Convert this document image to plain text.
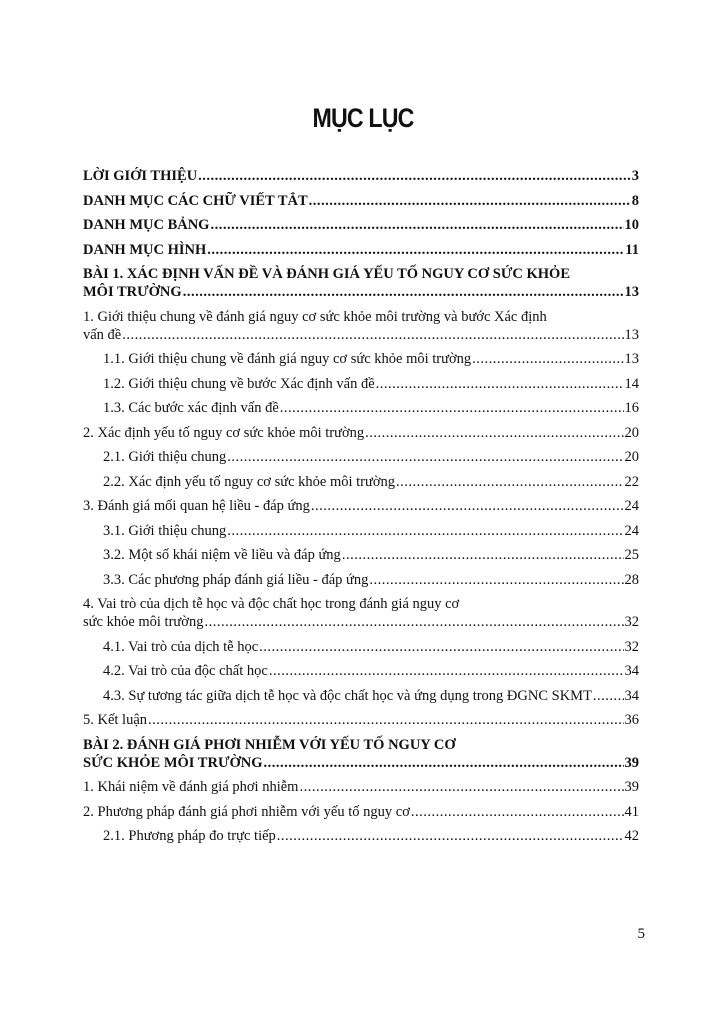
MỤC LỤC
LỜI GIỚI THIỆU .....	3
DANH MỤC CÁC CHỮ VIẾT TẮT .....	8
DANH MỤC BẢNG .....	10
DANH MỤC HÌNH .....	11
BÀI 1. XÁC ĐỊNH VẤN ĐỀ VÀ ĐÁNH GIÁ YẾU TỐ NGUY CƠ SỨC KHỎE
MÔI TRƯỜNG .....	13
1. Giới thiệu chung về đánh giá nguy cơ sức khỏe môi trường và bước Xác định
vấn đề .....	13
1.1. Giới thiệu chung về đánh giá nguy cơ sức khỏe môi trường .....	13
1.2. Giới thiệu chung về bước Xác định vấn đề .....	14
1.3. Các bước xác định vấn đề .....	16
2. Xác định yếu tố nguy cơ sức khỏe môi trường .....	20
2.1. Giới thiệu chung .....	20
2.2. Xác định yếu tố nguy cơ sức khỏe môi trường .....	22
3. Đánh giá mối quan hệ liều - đáp ứng .....	24
3.1. Giới thiệu chung .....	24
3.2. Một số khái niệm về liều và đáp ứng .....	25
3.3. Các phương pháp đánh giá liều - đáp ứng .....	28
4. Vai trò của dịch tễ học và độc chất học trong đánh giá nguy cơ
sức khỏe môi trường .....	32
4.1. Vai trò của dịch tễ học .....	32
4.2. Vai trò của độc chất học .....	34
4.3. Sự tương tác giữa dịch tễ học và độc chất học và ứng dụng trong ĐGNC SKMT ..... 34
5. Kết luận .....	36
BÀI 2. ĐÁNH GIÁ PHƠI NHIỄM VỚI YẾU TỐ NGUY CƠ
SỨC KHỎE MÔI TRƯỜNG .....	39
1. Khái niệm về đánh giá phơi nhiễm .....	39
2. Phương pháp đánh giá phơi nhiễm với yếu tố nguy cơ .....	41
2.1. Phương pháp đo trực tiếp .....	42
5
